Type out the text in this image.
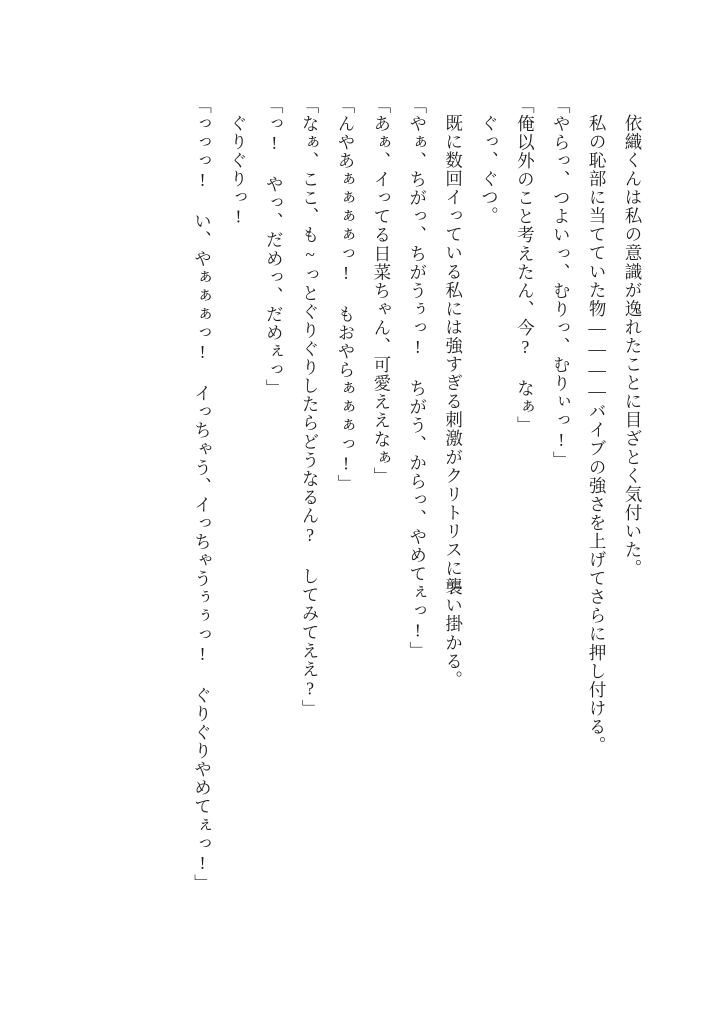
依織くんは私の意識が逸れたことに目ざとく気付いた。

私の恥部に当てていた物————バイブの強さを上げてさらに押し付ける。

「やらっ、つよいっ、むりっ、むりぃっ!」

「俺以外のこと考えたん、今? なぁ」

ぐっ、ぐつ。

既に数回イっている私には強すぎる刺激がクリトリスに襲い掛かる。

「やぁ、ちがっ、ちがうぅっ! ちがう、からっ、やめてぇっ!」

「あぁ、イってる日菜ちゃん、可愛ええなぁ」

「んやあぁぁぁぁっ! もおやらぁぁぁっ!」

「なぁ、ここ、も~っとぐりぐりしたらどうなるん? してみてええ?」

「っ! やっ、だめっ、だめぇっ」

ぐりぐりっ!

「っっっ! い、やぁぁぁっ! イっちゃう、イっちゃうぅぅっ! ぐりぐりやめてぇっ!」
